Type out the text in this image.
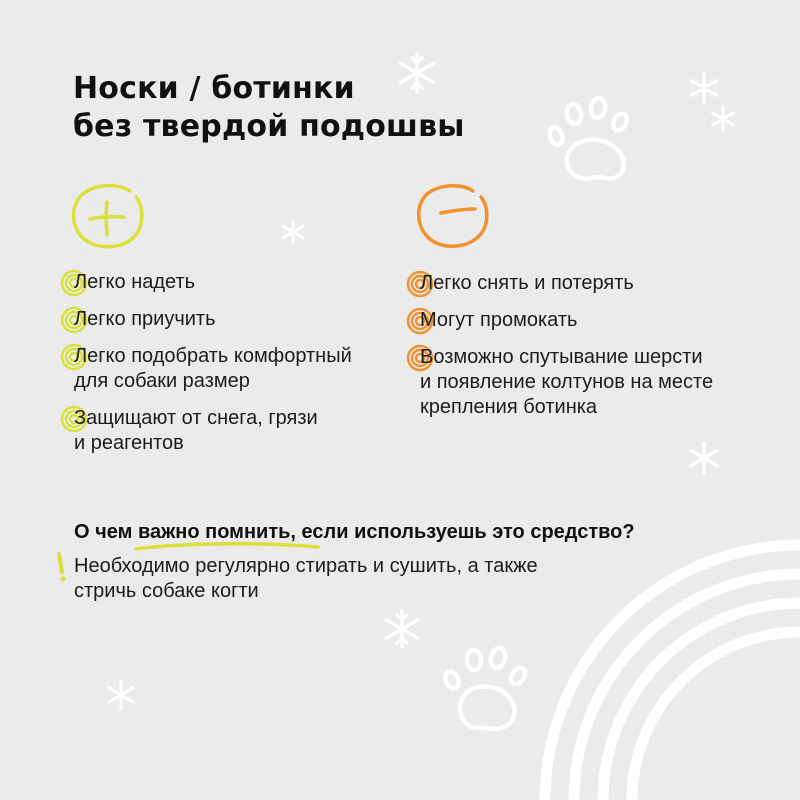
Носки / ботинки
без твердой подошвы
Легко надеть
Легко приучить
Легко подобрать комфортный
для собаки размер
Защищают от снега, грязи
и реагентов
Легко снять и потерять
Могут промокать
Возможно спутывание шерсти
и появление колтунов на месте
крепления ботинка
О чем важно помнить
, если используешь это средство?
Необходимо регулярно стирать и сушить, а также
стричь собаке когти
